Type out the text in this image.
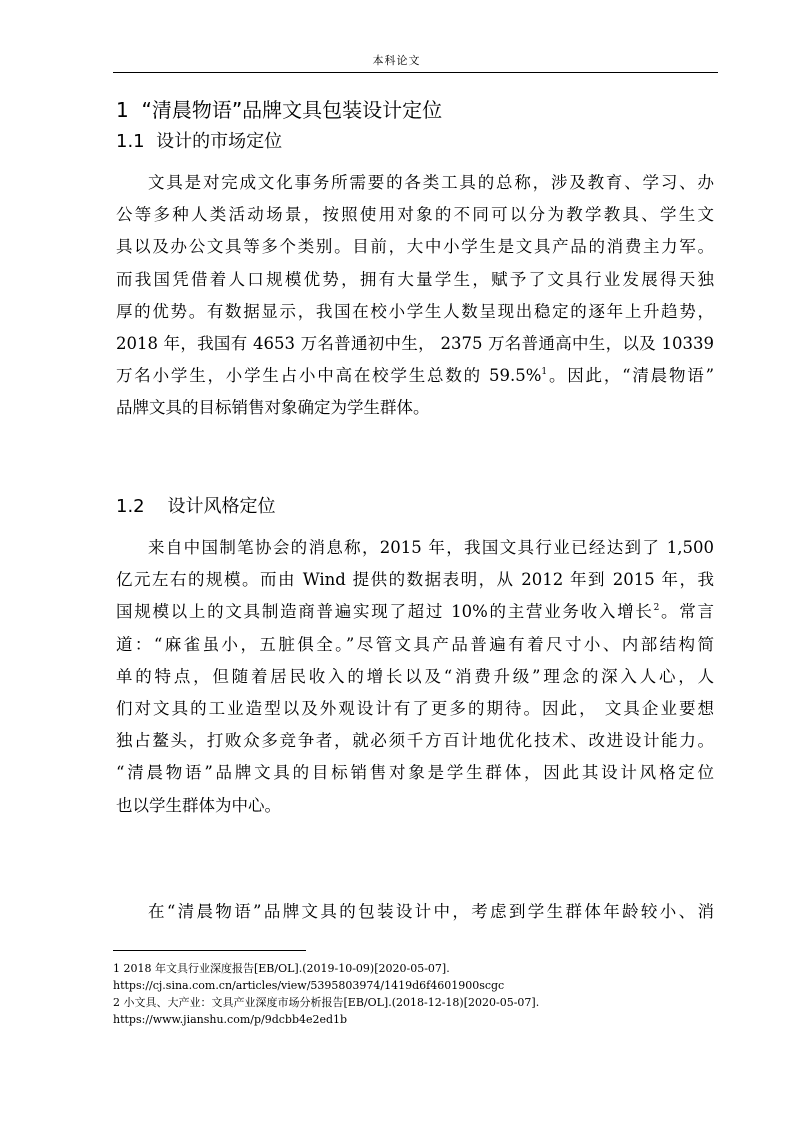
本科论文
1 “清晨物语”品牌文具包装设计定位
1.1 设计的市场定位
文具是对完成文化事务所需要的各类工具的总称，涉及教育、学习、办
公等多种人类活动场景，按照使用对象的不同可以分为教学教具、学生文
具以及办公文具等多个类别。目前，大中小学生是文具产品的消费主力军。
而我国凭借着人口规模优势，拥有大量学生，赋予了文具行业发展得天独
厚的优势。有数据显示，我国在校小学生人数呈现出稳定的逐年上升趋势，
2018 年，我国有 4653 万名普通初中生， 2375 万名普通高中生，以及 10339
万名小学生，小学生占小中高在校学生总数的 59.5%$^1$。因此，“清晨物语”
品牌文具的目标销售对象确定为学生群体。
1.2 设计风格定位
来自中国制笔协会的消息称，2015 年，我国文具行业已经达到了 1,500
亿元左右的规模。而由 Wind 提供的数据表明，从 2012 年到 2015 年，我
国规模以上的文具制造商普遍实现了超过 10%的主营业务收入增长$^2$。常言
道：“麻雀虽小，五脏俱全。”尽管文具产品普遍有着尺寸小、内部结构简
单的特点，但随着居民收入的增长以及“消费升级”理念的深入人心，人
们对文具的工业造型以及外观设计有了更多的期待。因此， 文具企业要想
独占鳌头，打败众多竞争者，就必须千方百计地优化技术、改进设计能力。
“清晨物语”品牌文具的目标销售对象是学生群体，因此其设计风格定位
也以学生群体为中心。
在“清晨物语”品牌文具的包装设计中，考虑到学生群体年龄较小、消
1 2018 年文具行业深度报告[EB/OL].(2019-10-09)[2020-05-07].
https://cj.sina.com.cn/articles/view/5395803974/1419d6f4601900scgc
2 小文具、大产业：文具产业深度市场分析报告[EB/OL].(2018-12-18)[2020-05-07].
https://www.jianshu.com/p/9dcbb4e2ed1b
